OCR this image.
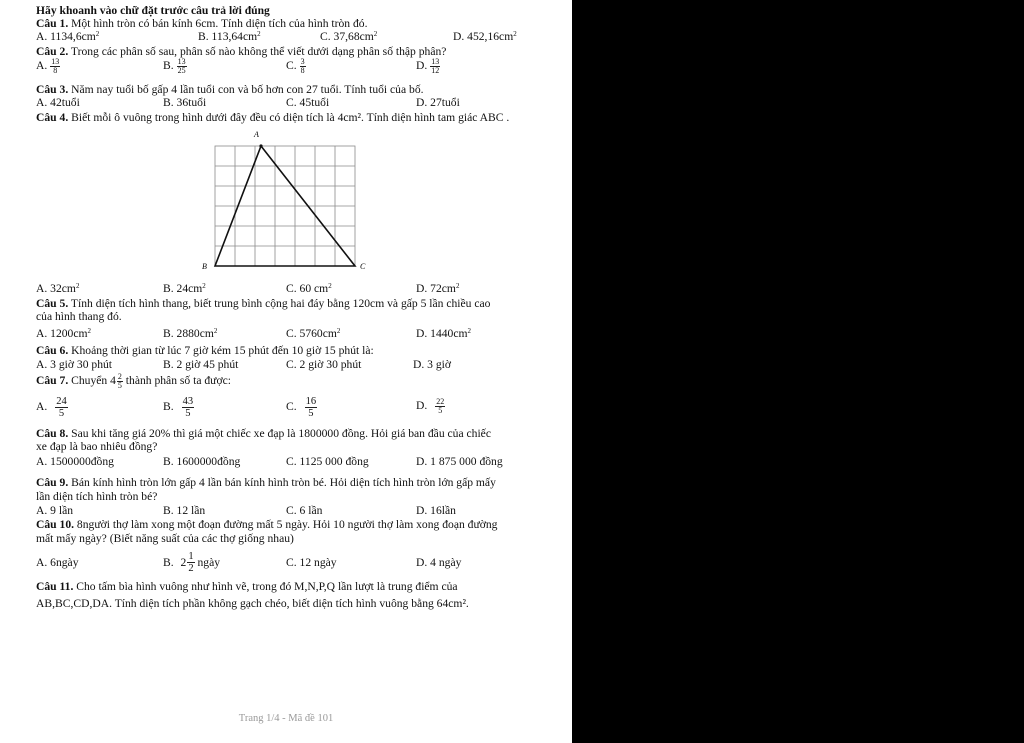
Hãy khoanh vào chữ đặt trước câu trả lời đúng
Câu 1. Một hình tròn có bán kính 6cm. Tính diện tích của hình tròn đó.
A. $1134,6cm^2$	B. $113,64cm^2$	C. $37,68cm^2$	D. $452,16cm^2$
Câu 2. Trong các phân số sau, phân số nào không thể viết dưới dạng phân số thập phân?
A. $\frac{13}{8}$	B. $\frac{13}{25}$	C. $\frac{3}{8}$	D. $\frac{13}{12}$
Câu 3. Năm nay tuổi bố gấp 4 lần tuổi con và bố hơn con 27 tuổi. Tính tuổi của bố.
A. 42tuổi	B. 36tuổi	C. 45tuổi	D. 27tuổi
Câu 4. Biết mỗi ô vuông trong hình dưới đây đều có diện tích là 4cm². Tính diện hình tam giác ABC .
A
B	C
A. $32cm^2$	B. $24cm^2$	C. 60 $cm^2$	D. $72cm^2$
Câu 5. Tính diện tích hình thang, biết trung bình cộng hai đáy bằng 120cm và gấp 5 lần chiều cao
của hình thang đó.
A. $1200cm^2$	B. $2880cm^2$	C. $5760cm^2$	D. $1440cm^2$
Câu 6. Khoảng thời gian từ lúc 7 giờ kém 15 phút đến 10 giờ 15 phút là:
A. 3 giờ 30 phút	B. 2 giờ 45 phút	C. 2 giờ 30 phút	D. 3 giờ
Câu 7. Chuyển $4 \frac{2}{5}$ thành phân số ta được:
A. $\frac{24}{5}$	B. $\frac{43}{5}$	C. $\frac{16}{5}$	D. $\frac{22}{5}$
Câu 8. Sau khi tăng giá 20% thì giá một chiếc xe đạp là 1800000 đồng. Hỏi giá ban đầu của chiếc
xe đạp là bao nhiêu đồng?
A. 1500000đồng	B. 1600000đồng	C. 1125 000 đồng	D. 1 875 000 đồng
Câu 9. Bán kính hình tròn lớn gấp 4 lần bán kính hình tròn bé. Hỏi diện tích hình tròn lớn gấp mấy
lần diện tích hình tròn bé?
A. 9 lần	B. 12 lần	C. 6 lần	D. 16lần
Câu 10. 8người thợ làm xong một đoạn đường mất 5 ngày. Hỏi 10 người thợ làm xong đoạn đường
mất mấy ngày? (Biết năng suất của các thợ giống nhau)
A. 6ngày	B.
$2 \frac{1}{2}$
ngày	C. 12 ngày	D. 4 ngày
Câu 11. Cho tấm bìa hình vuông như hình vẽ, trong đó M,N,P,Q lần lượt là trung điểm của
AB,BC,CD,DA. Tính diện tích phần không gạch chéo, biết diện tích hình vuông bằng 64cm².
Trang 1/4 - Mã đề 101
